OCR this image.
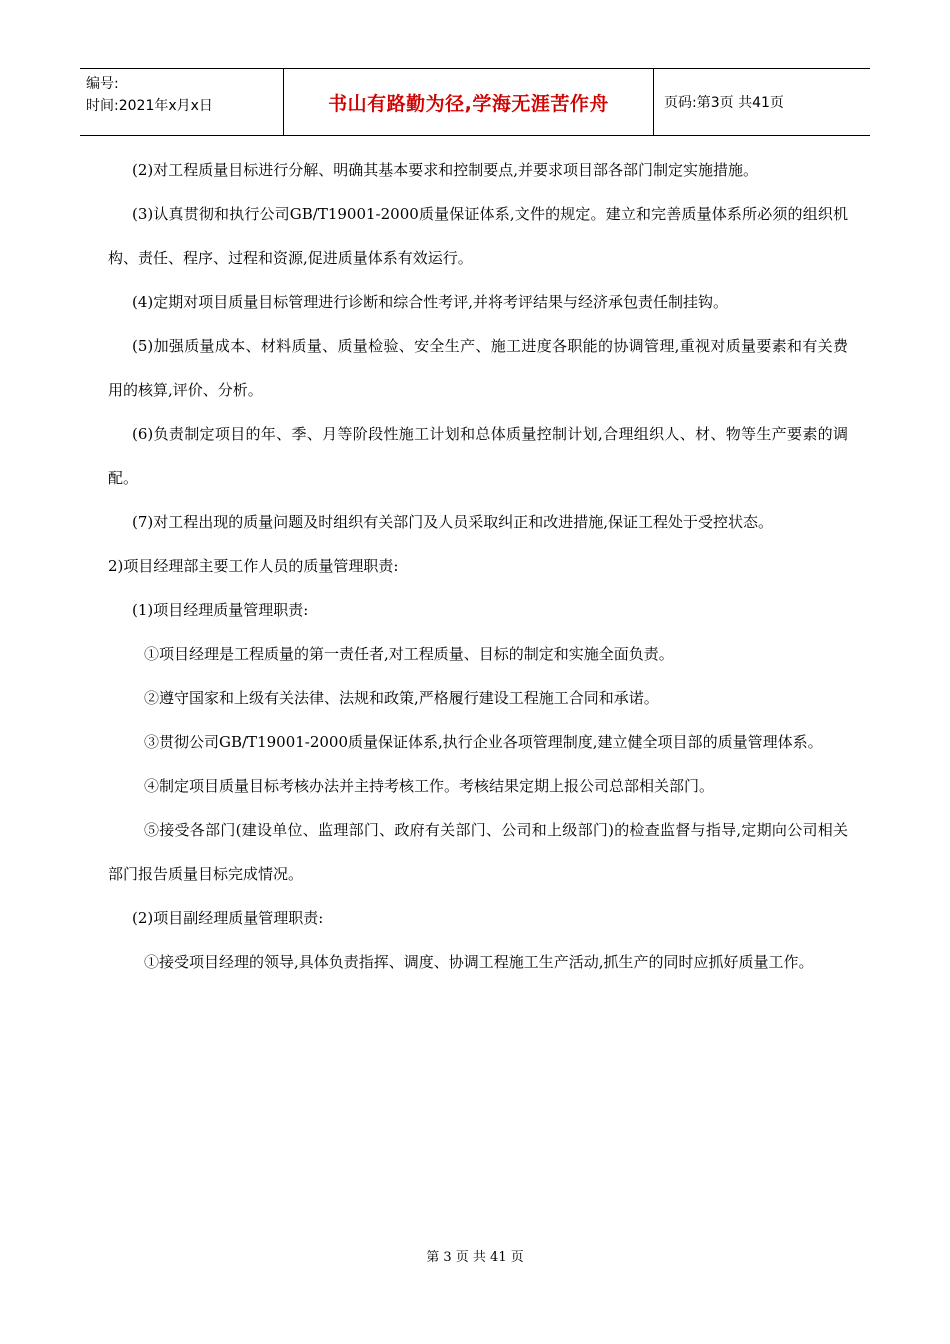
编号:
时间:2021年x月x日	书山有路勤为径,学海无涯苦作舟	页码:第3页 共41页

(2)对工程质量目标进行分解、明确其基本要求和控制要点,并要求项目部各部门制定实施措施。

(3)认真贯彻和执行公司GB/T19001-2000质量保证体系,文件的规定。建立和完善质量体系所必须的组织机构、责任、程序、过程和资源,促进质量体系有效运行。

(4)定期对项目质量目标管理进行诊断和综合性考评,并将考评结果与经济承包责任制挂钩。

(5)加强质量成本、材料质量、质量检验、安全生产、施工进度各职能的协调管理,重视对质量要素和有关费用的核算,评价、分析。

(6)负责制定项目的年、季、月等阶段性施工计划和总体质量控制计划,合理组织人、材、物等生产要素的调配。

(7)对工程出现的质量问题及时组织有关部门及人员采取纠正和改进措施,保证工程处于受控状态。

2)项目经理部主要工作人员的质量管理职责:

(1)项目经理质量管理职责:

①项目经理是工程质量的第一责任者,对工程质量、目标的制定和实施全面负责。

②遵守国家和上级有关法律、法规和政策,严格履行建设工程施工合同和承诺。

③贯彻公司GB/T19001-2000质量保证体系,执行企业各项管理制度,建立健全项目部的质量管理体系。

④制定项目质量目标考核办法并主持考核工作。考核结果定期上报公司总部相关部门。

⑤接受各部门(建设单位、监理部门、政府有关部门、公司和上级部门)的检查监督与指导,定期向公司相关部门报告质量目标完成情况。

(2)项目副经理质量管理职责:

①接受项目经理的领导,具体负责指挥、调度、协调工程施工生产活动,抓生产的同时应抓好质量工作。

第 3 页 共 41 页
